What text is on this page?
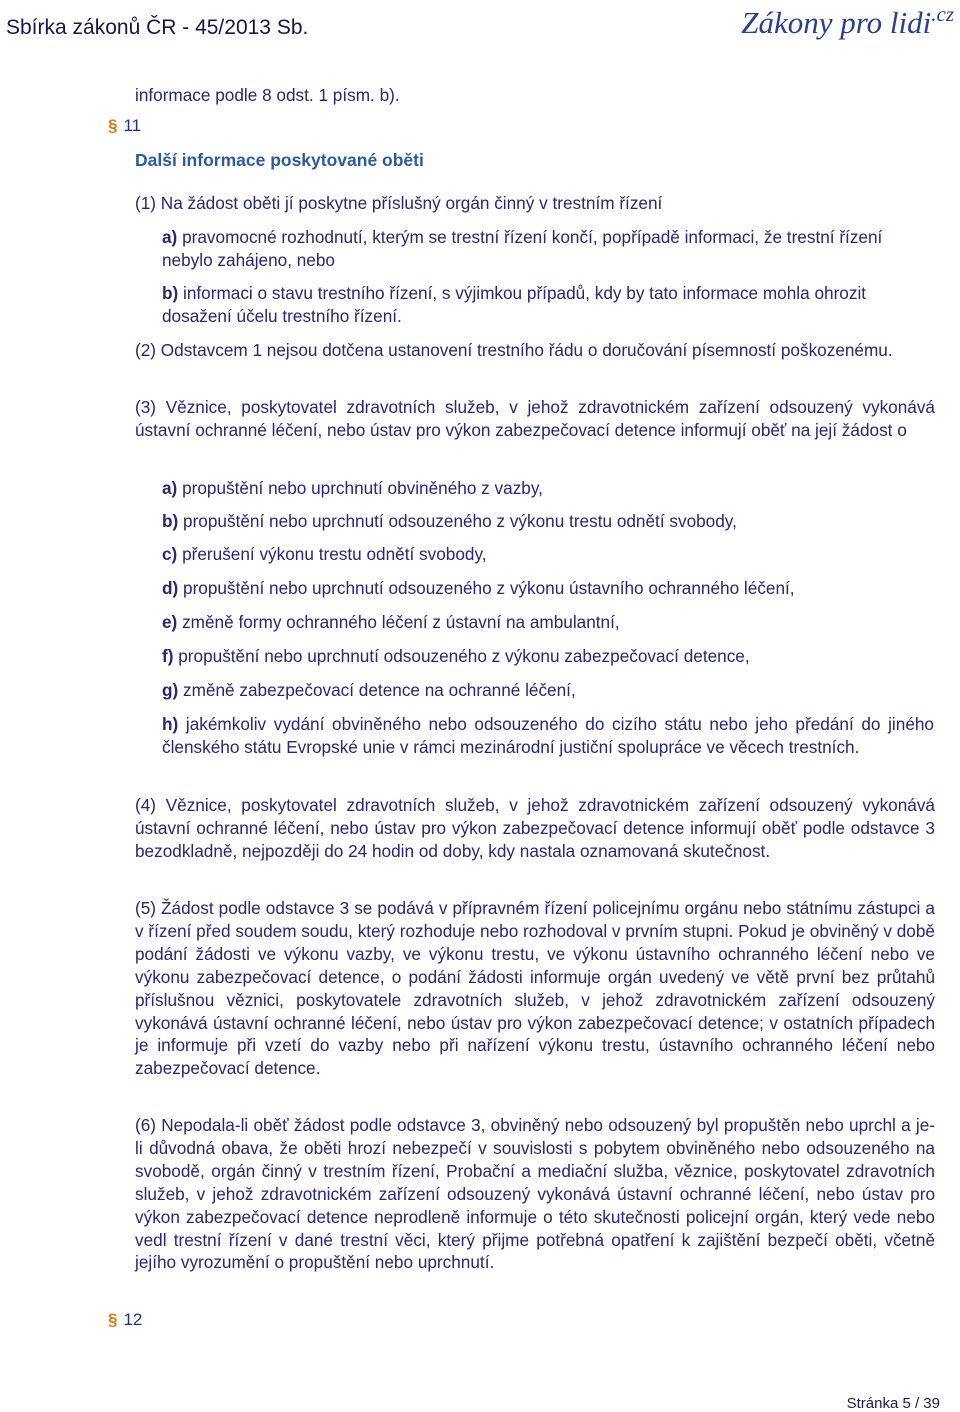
Sbírka zákonů ČR - 45/2013 Sb.	Zákony pro lidi$^{.cz}$
informace podle 8 odst. 1 písm. b).
§ 11
Další informace poskytované oběti
(1) Na žádost oběti jí poskytne příslušný orgán činný v trestním řízení
a) pravomocné rozhodnutí, kterým se trestní řízení končí, popřípadě informaci, že trestní řízení nebylo zahájeno, nebo
b) informaci o stavu trestního řízení, s výjimkou případů, kdy by tato informace mohla ohrozit dosažení účelu trestního řízení.
(2) Odstavcem 1 nejsou dotčena ustanovení trestního řádu o doručování písemností poškozenému.
(3) Věznice, poskytovatel zdravotních služeb, v jehož zdravotnickém zařízení odsouzený vykonává ústavní ochranné léčení, nebo ústav pro výkon zabezpečovací detence informují oběť na její žádost o
a) propuštění nebo uprchnutí obviněného z vazby,
b) propuštění nebo uprchnutí odsouzeného z výkonu trestu odnětí svobody,
c) přerušení výkonu trestu odnětí svobody,
d) propuštění nebo uprchnutí odsouzeného z výkonu ústavního ochranného léčení,
e) změně formy ochranného léčení z ústavní na ambulantní,
f) propuštění nebo uprchnutí odsouzeného z výkonu zabezpečovací detence,
g) změně zabezpečovací detence na ochranné léčení,
h) jakémkoliv vydání obviněného nebo odsouzeného do cizího státu nebo jeho předání do jiného členského státu Evropské unie v rámci mezinárodní justiční spolupráce ve věcech trestních.
(4) Věznice, poskytovatel zdravotních služeb, v jehož zdravotnickém zařízení odsouzený vykonává ústavní ochranné léčení, nebo ústav pro výkon zabezpečovací detence informují oběť podle odstavce 3 bezodkladně, nejpozději do 24 hodin od doby, kdy nastala oznamovaná skutečnost.
(5) Žádost podle odstavce 3 se podává v přípravném řízení policejnímu orgánu nebo státnímu zástupci a v řízení před soudem soudu, který rozhoduje nebo rozhodoval v prvním stupni. Pokud je obviněný v době podání žádosti ve výkonu vazby, ve výkonu trestu, ve výkonu ústavního ochranného léčení nebo ve výkonu zabezpečovací detence, o podání žádosti informuje orgán uvedený ve větě první bez průtahů příslušnou věznici, poskytovatele zdravotních služeb, v jehož zdravotnickém zařízení odsouzený vykonává ústavní ochranné léčení, nebo ústav pro výkon zabezpečovací detence; v ostatních případech je informuje při vzetí do vazby nebo při nařízení výkonu trestu, ústavního ochranného léčení nebo zabezpečovací detence.
(6) Nepodala-li oběť žádost podle odstavce 3, obviněný nebo odsouzený byl propuštěn nebo uprchl a je-li důvodná obava, že oběti hrozí nebezpečí v souvislosti s pobytem obviněného nebo odsouzeného na svobodě, orgán činný v trestním řízení, Probační a mediační služba, věznice, poskytovatel zdravotních služeb, v jehož zdravotnickém zařízení odsouzený vykonává ústavní ochranné léčení, nebo ústav pro výkon zabezpečovací detence neprodleně informuje o této skutečnosti policejní orgán, který vede nebo vedl trestní řízení v dané trestní věci, který přijme potřebná opatření k zajištění bezpečí oběti, včetně jejího vyrozumění o propuštění nebo uprchnutí.
§ 12
Stránka 5 / 39
